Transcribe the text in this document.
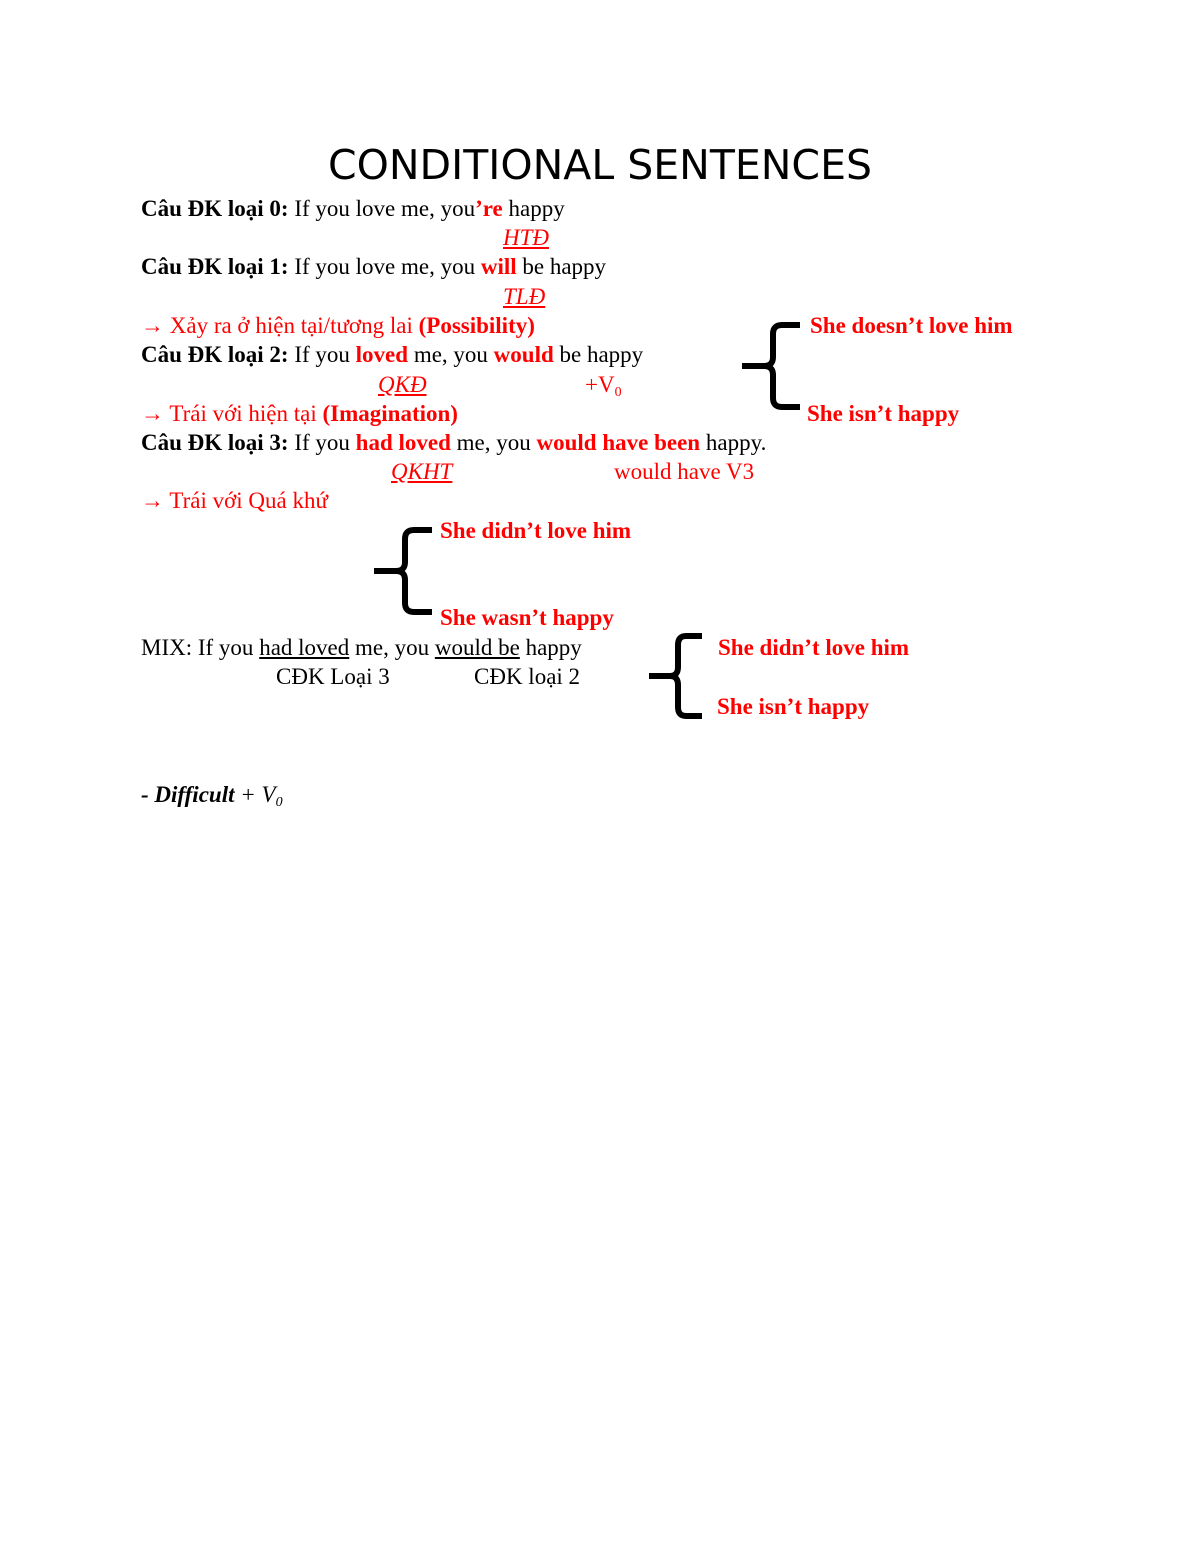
CONDITIONAL SENTENCES

Câu ĐK loại 0: If you love me, you’re happy

HTĐ

Câu ĐK loại 1: If you love me, you will be happy

TLĐ

→ Xảy ra ở hiện tại/tương lai (Possibility)

Câu ĐK loại 2: If you loved me, you would be happy

QKĐ	$+V_0$

→ Trái với hiện tại (Imagination)

She doesn’t love him

She isn’t happy

Câu ĐK loại 3: If you had loved me, you would have been happy.

QKHT	would have V3

→ Trái với Quá khứ

She didn’t love him

She wasn’t happy

MIX: If you had loved me, you would be happy

CĐK Loại 3	CĐK loại 2

She didn’t love him

She isn’t happy

- Difficult + $V_0$
